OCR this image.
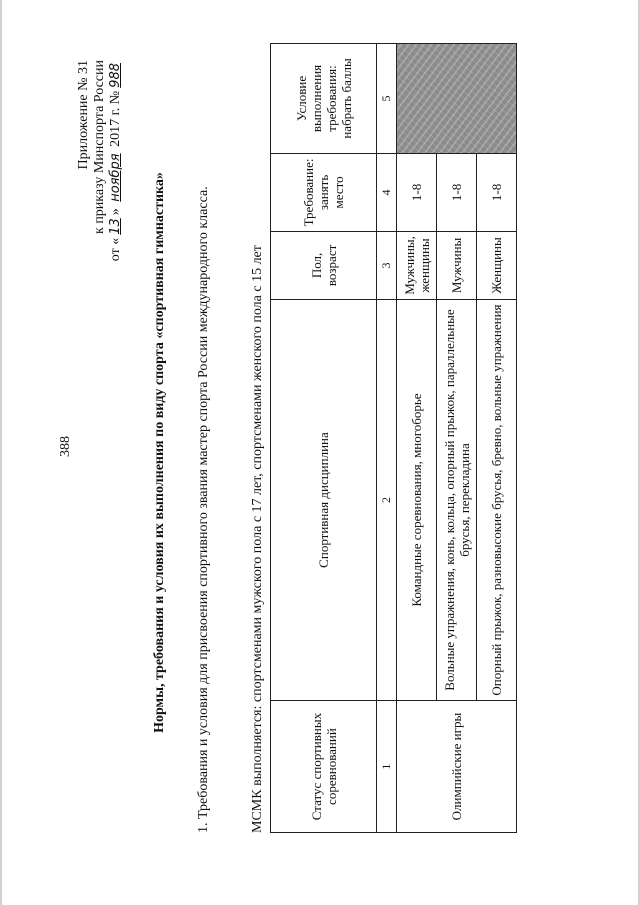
388
Приложение № 31 к приказу Минспорта России
от «13» ноября 2017 г. №988
Нормы, требования и условия их выполнения по виду спорта «спортивная гимнастика» 1. Требования и условия для присвоения спортивного звания мастер спорта России международного класса.	МСМК выполняется: спортсменами мужского пола с 17 лет, спортсменами женского пола с 15 лет	Статус спортивных соревнований	Спортивная дисциплина	Пол, возраст	Требование: занять место	Условие выполнения требования: набрать баллы
1	2	3	4	5
Олимпийские игры	Командные соревнования, многоборье	Мужчины, женщины	1-8	
	Вольные упражнения, конь, кольца, опорный прыжок, параллельные брусья, перекладина	Мужчины	1-8	
	Опорный прыжок, разновысокие брусья, бревно, вольные упражнения	Женщины	1-8	
